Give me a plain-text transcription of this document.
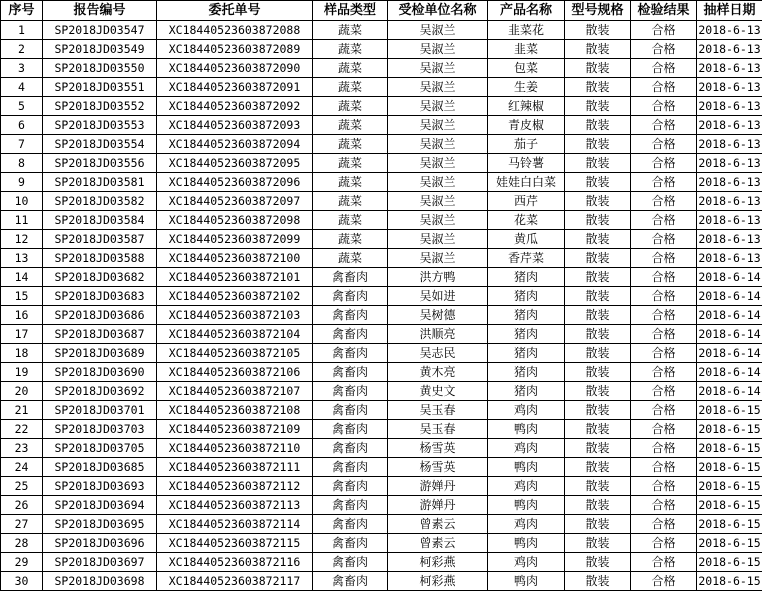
序号	报告编号	委托单号	样品类型	受检单位名称	产品名称	型号规格	检验结果	抽样日期
1	SP2018JD03547	XC18440523603872088	蔬菜	吴淑兰	韭菜花	散装	合格	2018-6-13
2	SP2018JD03549	XC18440523603872089	蔬菜	吴淑兰	韭菜	散装	合格	2018-6-13
3	SP2018JD03550	XC18440523603872090	蔬菜	吴淑兰	包菜	散装	合格	2018-6-13
4	SP2018JD03551	XC18440523603872091	蔬菜	吴淑兰	生姜	散装	合格	2018-6-13
5	SP2018JD03552	XC18440523603872092	蔬菜	吴淑兰	红辣椒	散装	合格	2018-6-13
6	SP2018JD03553	XC18440523603872093	蔬菜	吴淑兰	青皮椒	散装	合格	2018-6-13
7	SP2018JD03554	XC18440523603872094	蔬菜	吴淑兰	茄子	散装	合格	2018-6-13
8	SP2018JD03556	XC18440523603872095	蔬菜	吴淑兰	马铃薯	散装	合格	2018-6-13
9	SP2018JD03581	XC18440523603872096	蔬菜	吴淑兰	娃娃白白菜	散装	合格	2018-6-13
10	SP2018JD03582	XC18440523603872097	蔬菜	吴淑兰	西芹	散装	合格	2018-6-13
11	SP2018JD03584	XC18440523603872098	蔬菜	吴淑兰	花菜	散装	合格	2018-6-13
12	SP2018JD03587	XC18440523603872099	蔬菜	吴淑兰	黄瓜	散装	合格	2018-6-13
13	SP2018JD03588	XC18440523603872100	蔬菜	吴淑兰	香芹菜	散装	合格	2018-6-13
14	SP2018JD03682	XC18440523603872101	禽畜肉	洪方鸭	猪肉	散装	合格	2018-6-14
15	SP2018JD03683	XC18440523603872102	禽畜肉	吴如进	猪肉	散装	合格	2018-6-14
16	SP2018JD03686	XC18440523603872103	禽畜肉	吴树德	猪肉	散装	合格	2018-6-14
17	SP2018JD03687	XC18440523603872104	禽畜肉	洪顺亮	猪肉	散装	合格	2018-6-14
18	SP2018JD03689	XC18440523603872105	禽畜肉	吴志民	猪肉	散装	合格	2018-6-14
19	SP2018JD03690	XC18440523603872106	禽畜肉	黄木亮	猪肉	散装	合格	2018-6-14
20	SP2018JD03692	XC18440523603872107	禽畜肉	黄史文	猪肉	散装	合格	2018-6-14
21	SP2018JD03701	XC18440523603872108	禽畜肉	吴玉春	鸡肉	散装	合格	2018-6-15
22	SP2018JD03703	XC18440523603872109	禽畜肉	吴玉春	鸭肉	散装	合格	2018-6-15
23	SP2018JD03705	XC18440523603872110	禽畜肉	杨雪英	鸡肉	散装	合格	2018-6-15
24	SP2018JD03685	XC18440523603872111	禽畜肉	杨雪英	鸭肉	散装	合格	2018-6-15
25	SP2018JD03693	XC18440523603872112	禽畜肉	游婵丹	鸡肉	散装	合格	2018-6-15
26	SP2018JD03694	XC18440523603872113	禽畜肉	游婵丹	鸭肉	散装	合格	2018-6-15
27	SP2018JD03695	XC18440523603872114	禽畜肉	曾素云	鸡肉	散装	合格	2018-6-15
28	SP2018JD03696	XC18440523603872115	禽畜肉	曾素云	鸭肉	散装	合格	2018-6-15
29	SP2018JD03697	XC18440523603872116	禽畜肉	柯彩燕	鸡肉	散装	合格	2018-6-15
30	SP2018JD03698	XC18440523603872117	禽畜肉	柯彩燕	鸭肉	散装	合格	2018-6-15
